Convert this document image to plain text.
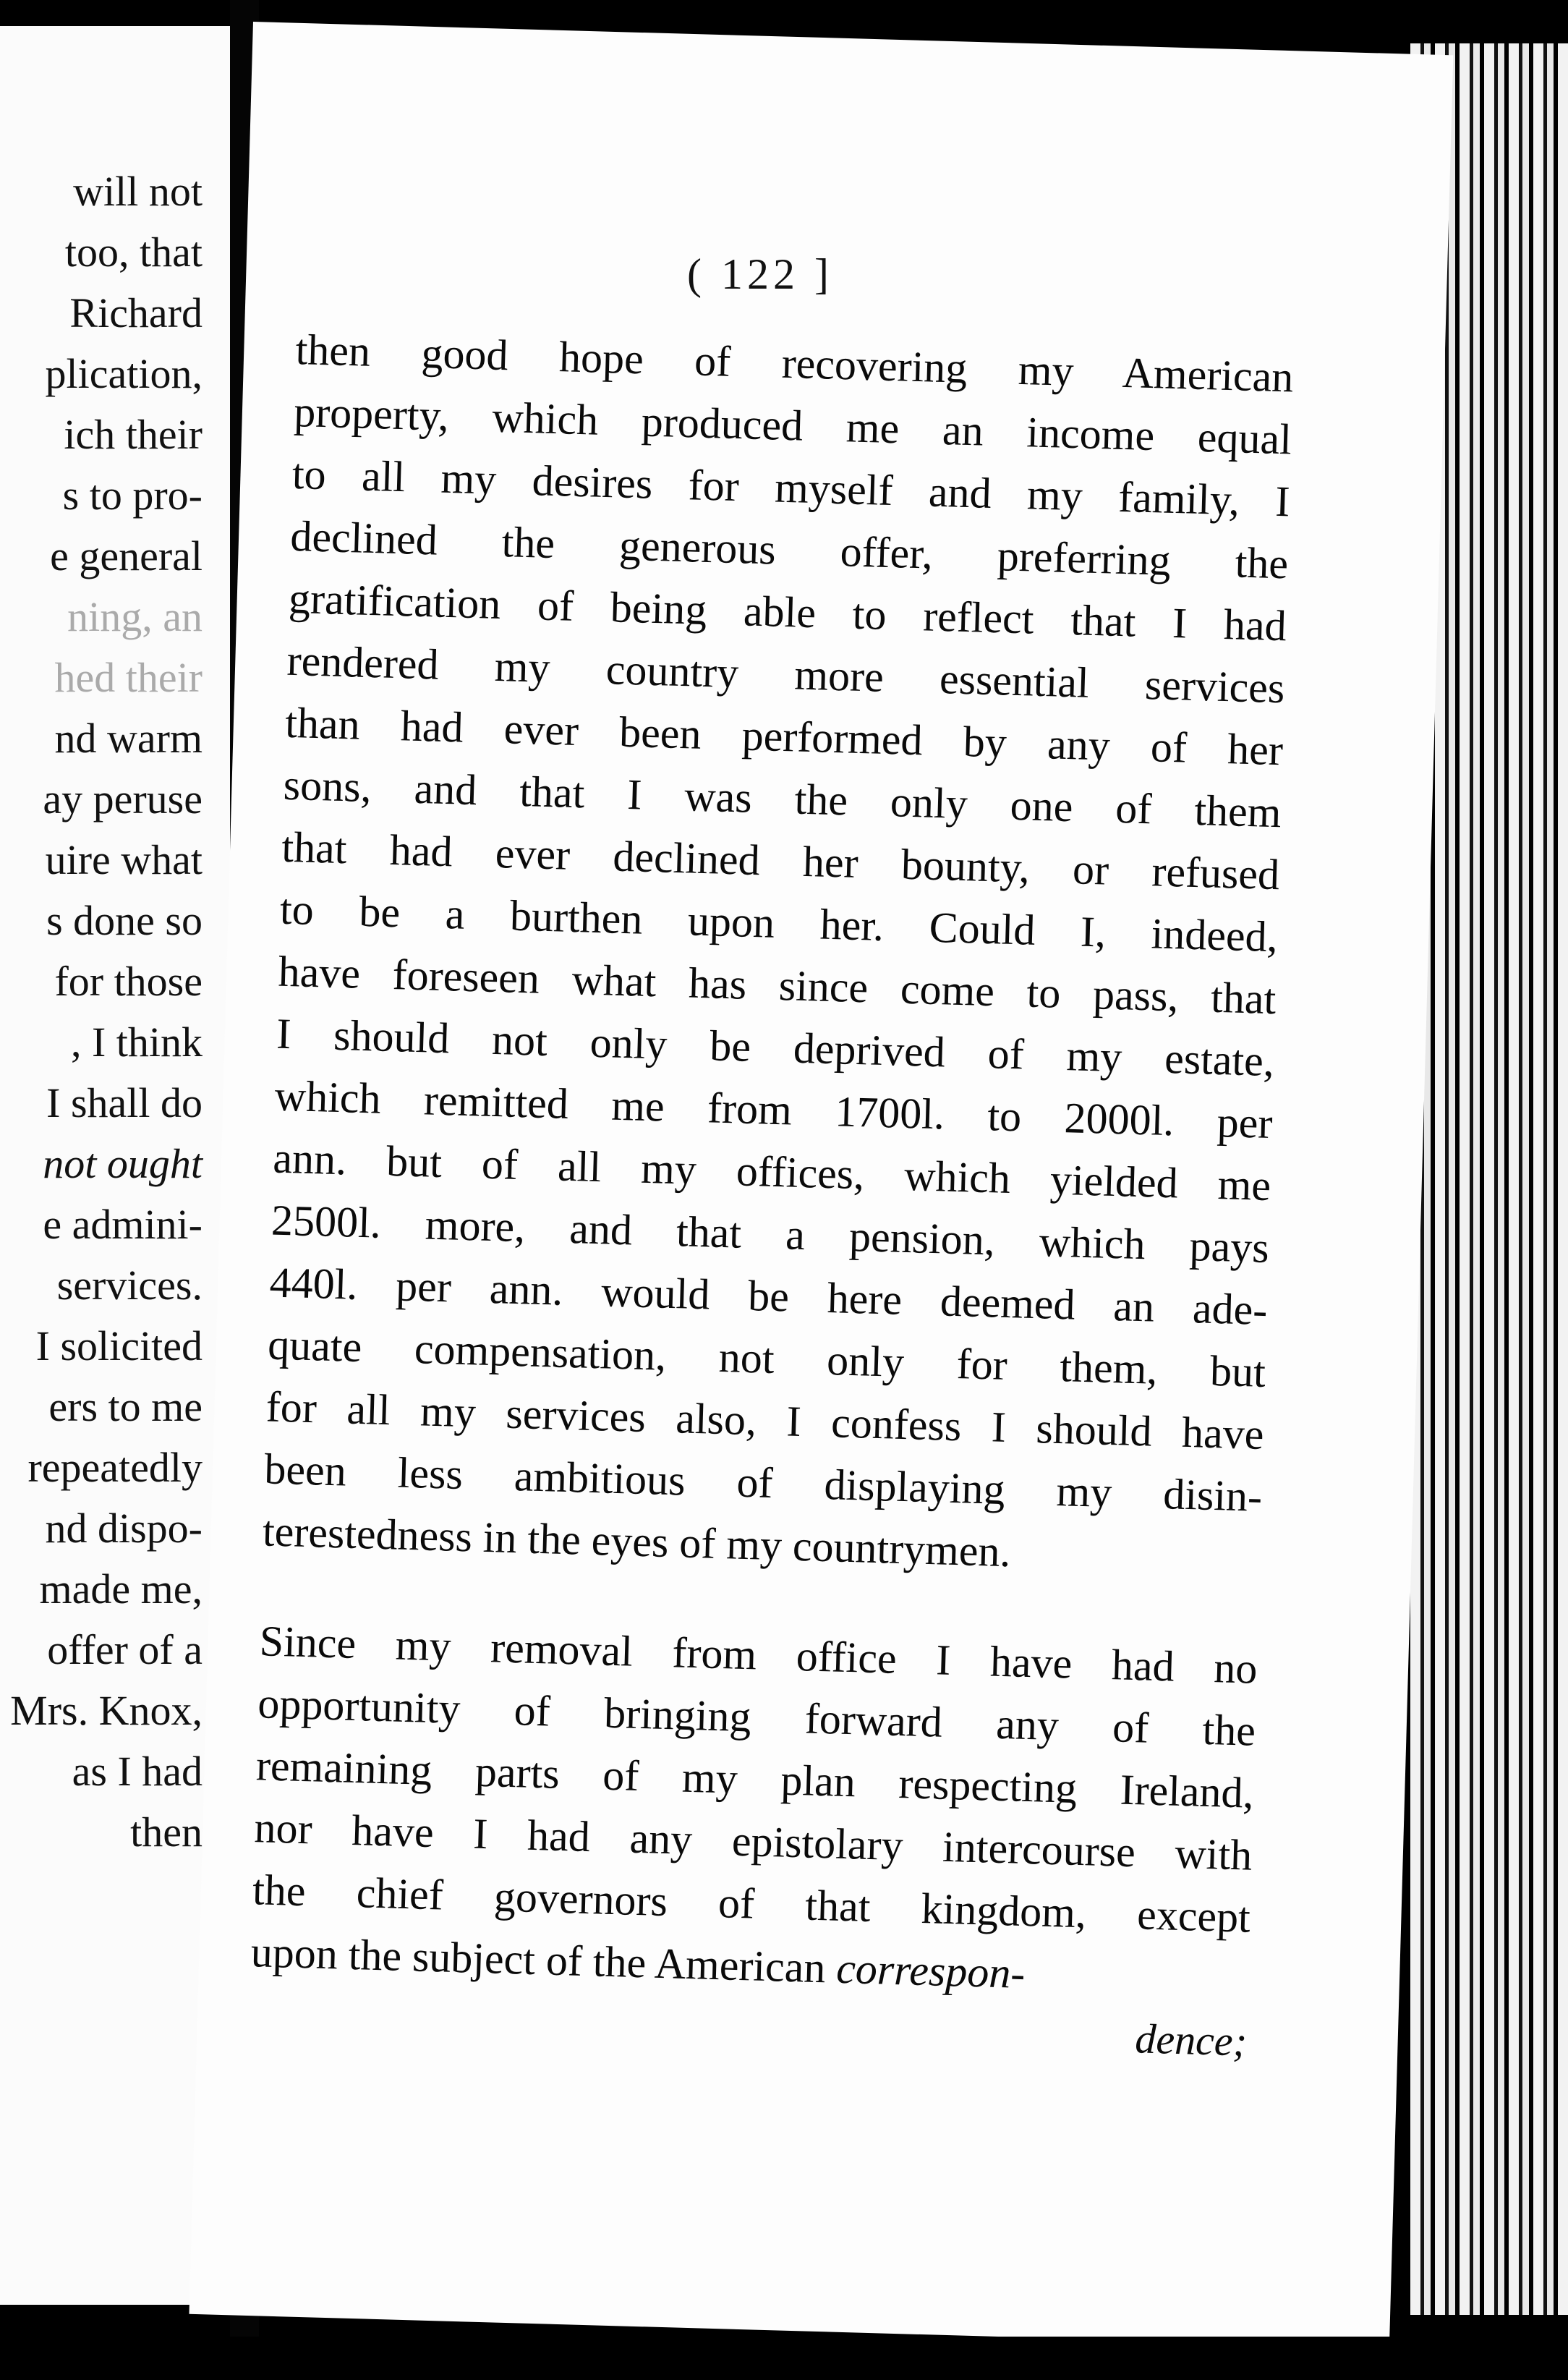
will not
too, that
Richard
plication,
ich their
s to pro-
e general
ning, an
hed their
nd warm
ay peruse
uire what
s done so
for those
, I think
I shall do
not ought
e admini-
services.
I solicited
ers to me
repeatedly
nd dispo-
made me,
offer of a
Mrs. Knox,
as I had
then
( 122 ]
then good hope of recovering my American
property, which produced me an income equal
to all my desires for myself and my family, I
declined the generous offer, preferring the
gratification of being able to reflect that I had
rendered my country more essential services
than had ever been performed by any of her
sons, and that I was the only one of them
that had ever declined her bounty, or refused
to be a burthen upon her. Could I, indeed,
have foreseen what has since come to pass, that
I should not only be deprived of my estate,
which remitted me from 1700l. to 2000l. per
ann. but of all my offices, which yielded me
2500l. more, and that a pension, which pays
440l. per ann. would be here deemed an ade-
quate compensation, not only for them, but
for all my services also, I confess I should have
been less ambitious of displaying my disin-
terestedness in the eyes of my countrymen.
Since my removal from office I have had no
opportunity of bringing forward any of the
remaining parts of my plan respecting Ireland,
nor have I had any epistolary intercourse with
the chief governors of that kingdom, except
upon the subject of the American correspon-
dence;
